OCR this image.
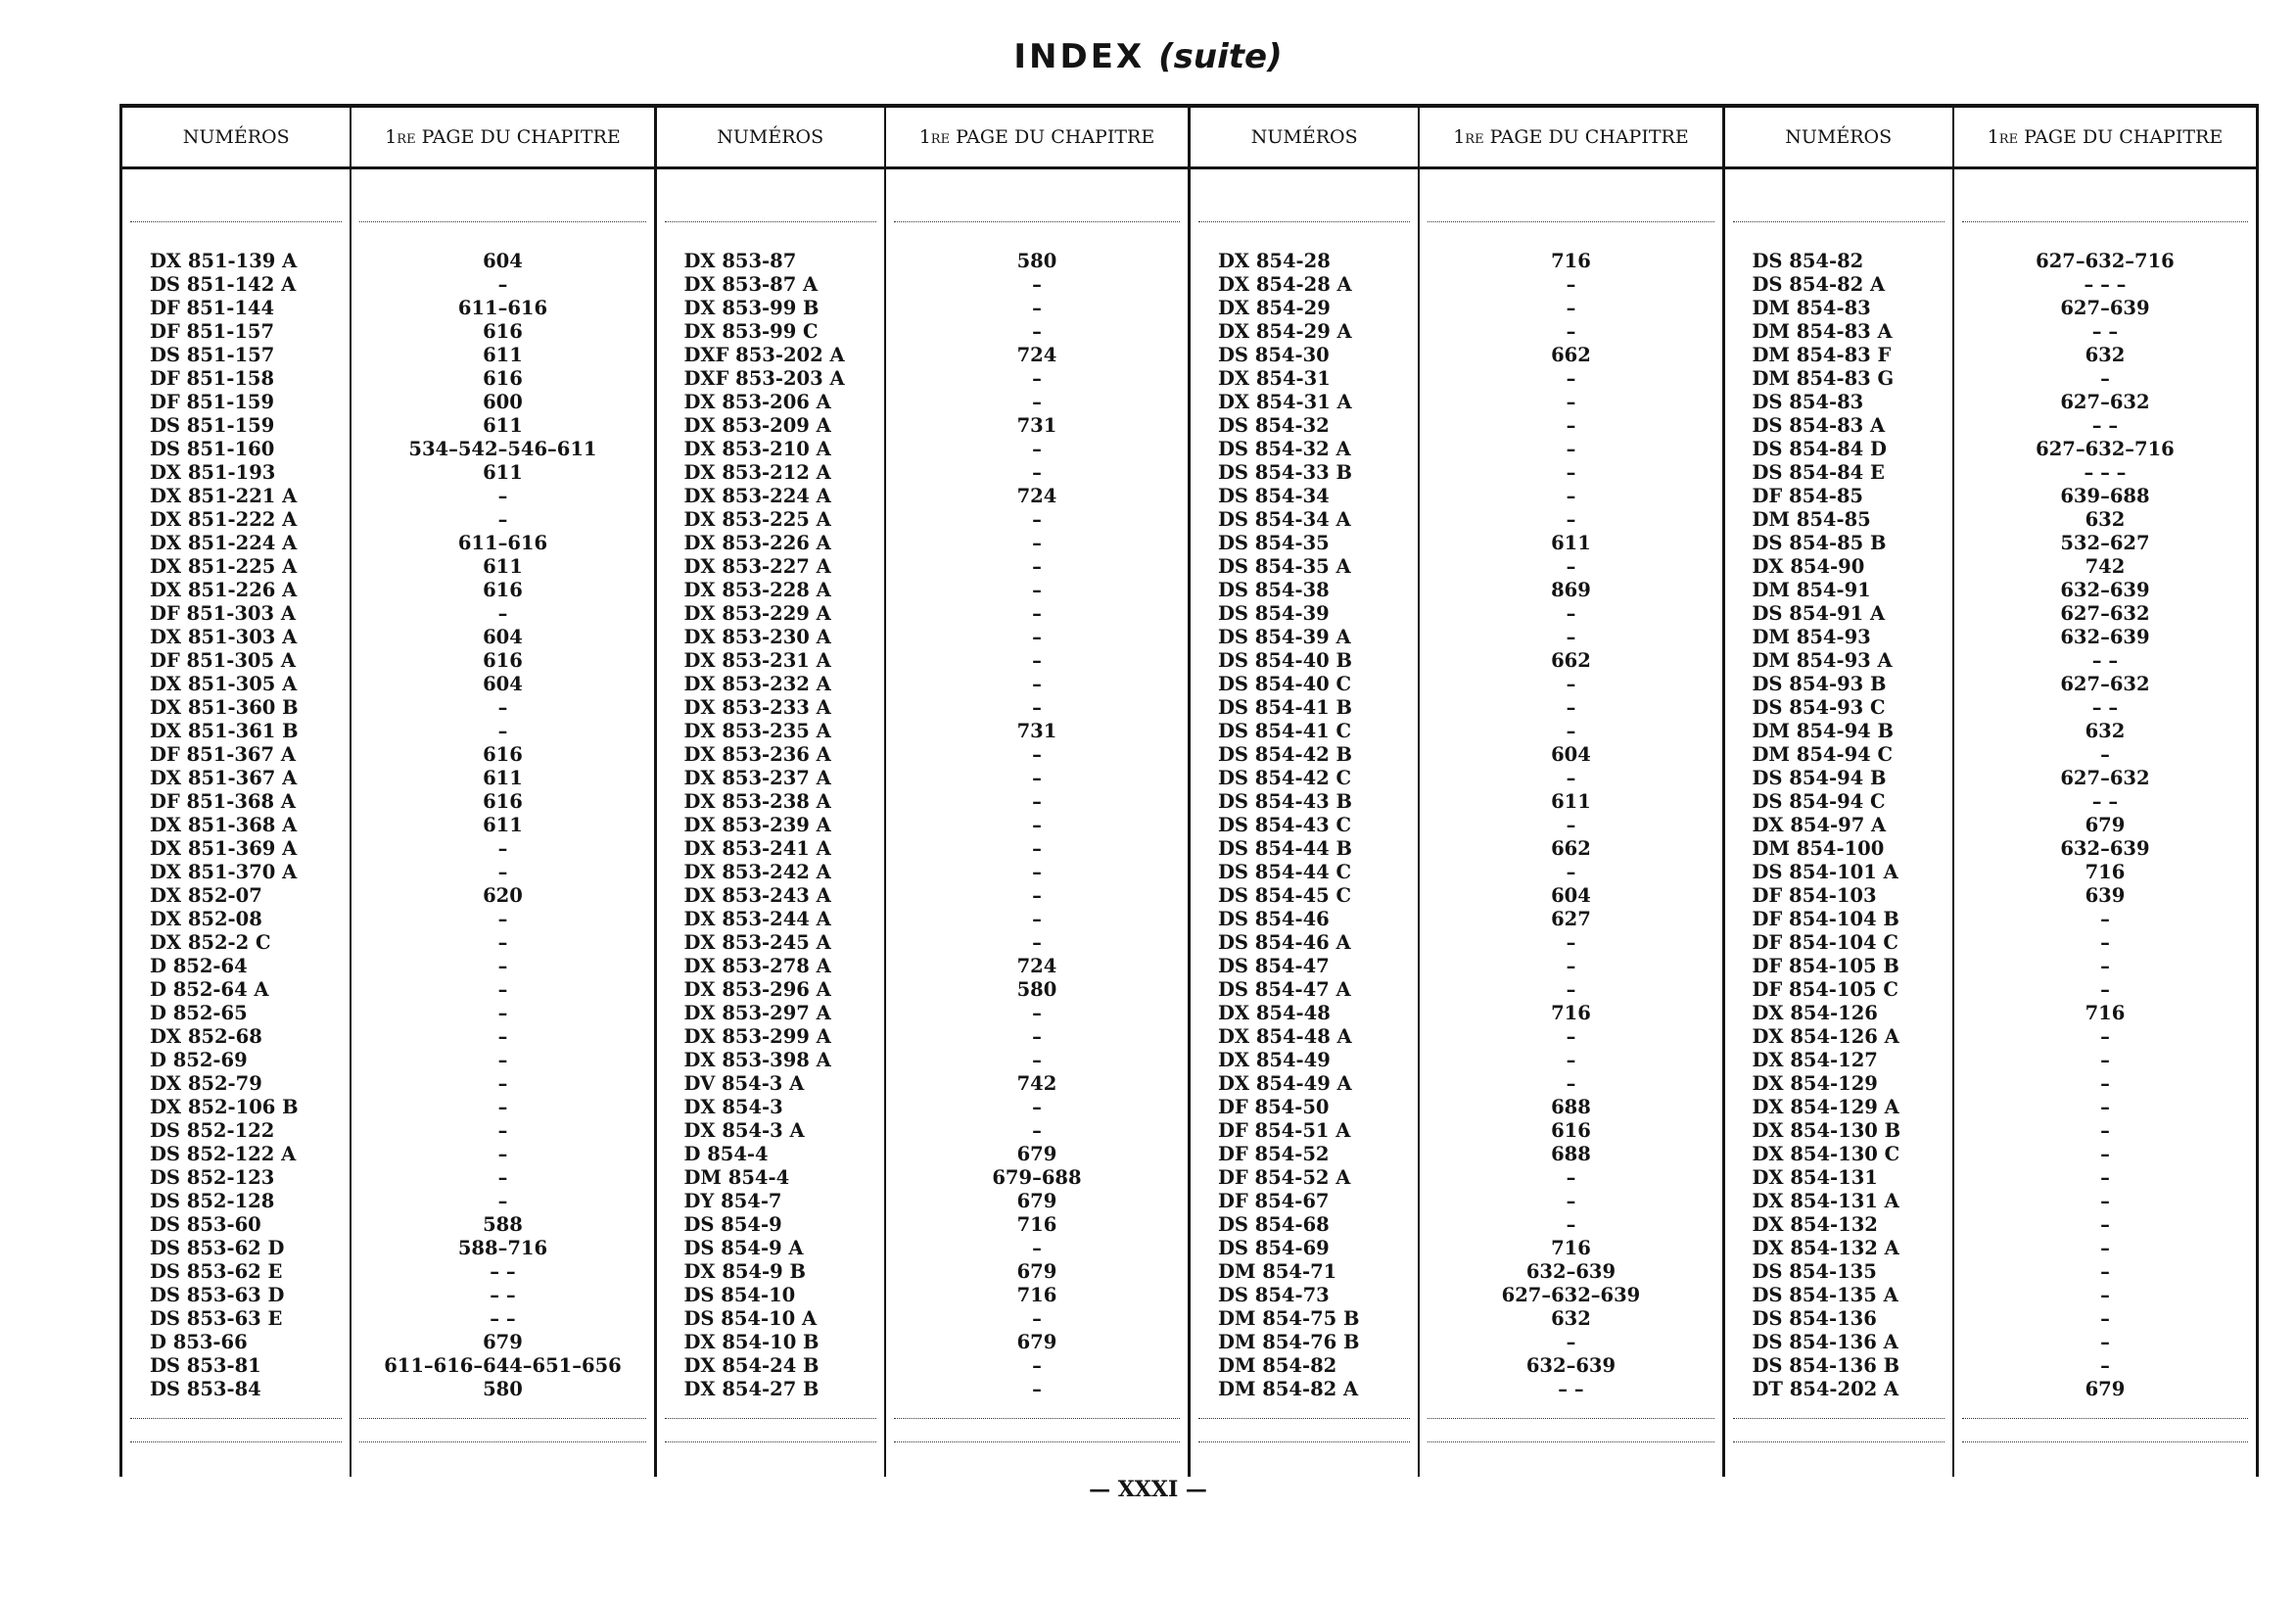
INDEX (suite)
NUMÉROS
DX 851-139 A
DS 851-142 A
DF 851-144
DF 851-157
DS 851-157
DF 851-158
DF 851-159
DS 851-159
DS 851-160
DX 851-193
DX 851-221 A
DX 851-222 A
DX 851-224 A
DX 851-225 A
DX 851-226 A
DF 851-303 A
DX 851-303 A
DF 851-305 A
DX 851-305 A
DX 851-360 B
DX 851-361 B
DF 851-367 A
DX 851-367 A
DF 851-368 A
DX 851-368 A
DX 851-369 A
DX 851-370 A
DX 852-07
DX 852-08
DX 852-2 C
D 852-64
D 852-64 A
D 852-65
DX 852-68
D 852-69
DX 852-79
DX 852-106 B
DS 852-122
DS 852-122 A
DS 852-123
DS 852-128
DS 853-60
DS 853-62 D
DS 853-62 E
DS 853-63 D
DS 853-63 E
D 853-66
DS 853-81
DS 853-84
1re PAGE DU CHAPITRE
604
–
611–616
616
611
616
600
611
534–542–546–611
611
–
–
611–616
611
616
–
604
616
604
–
–
616
611
616
611
–
–
620
–
–
–
–
–
–
–
–
–
–
–
–
–
588
588–716
– –
– –
– –
679
611–616–644–651–656
580
NUMÉROS
DX 853-87
DX 853-87 A
DX 853-99 B
DX 853-99 C
DXF 853-202 A
DXF 853-203 A
DX 853-206 A
DX 853-209 A
DX 853-210 A
DX 853-212 A
DX 853-224 A
DX 853-225 A
DX 853-226 A
DX 853-227 A
DX 853-228 A
DX 853-229 A
DX 853-230 A
DX 853-231 A
DX 853-232 A
DX 853-233 A
DX 853-235 A
DX 853-236 A
DX 853-237 A
DX 853-238 A
DX 853-239 A
DX 853-241 A
DX 853-242 A
DX 853-243 A
DX 853-244 A
DX 853-245 A
DX 853-278 A
DX 853-296 A
DX 853-297 A
DX 853-299 A
DX 853-398 A
DV 854-3 A
DX 854-3
DX 854-3 A
D 854-4
DM 854-4
DY 854-7
DS 854-9
DS 854-9 A
DX 854-9 B
DS 854-10
DS 854-10 A
DX 854-10 B
DX 854-24 B
DX 854-27 B
1re PAGE DU CHAPITRE
580
–
–
–
724
–
–
731
–
–
724
–
–
–
–
–
–
–
–
–
731
–
–
–
–
–
–
–
–
–
724
580
–
–
–
742
–
–
679
679–688
679
716
–
679
716
–
679
–
–
NUMÉROS
DX 854-28
DX 854-28 A
DX 854-29
DX 854-29 A
DS 854-30
DX 854-31
DX 854-31 A
DS 854-32
DS 854-32 A
DS 854-33 B
DS 854-34
DS 854-34 A
DS 854-35
DS 854-35 A
DS 854-38
DS 854-39
DS 854-39 A
DS 854-40 B
DS 854-40 C
DS 854-41 B
DS 854-41 C
DS 854-42 B
DS 854-42 C
DS 854-43 B
DS 854-43 C
DS 854-44 B
DS 854-44 C
DS 854-45 C
DS 854-46
DS 854-46 A
DS 854-47
DS 854-47 A
DX 854-48
DX 854-48 A
DX 854-49
DX 854-49 A
DF 854-50
DF 854-51 A
DF 854-52
DF 854-52 A
DF 854-67
DS 854-68
DS 854-69
DM 854-71
DS 854-73
DM 854-75 B
DM 854-76 B
DM 854-82
DM 854-82 A
1re PAGE DU CHAPITRE
716
–
–
–
662
–
–
–
–
–
–
–
611
–
869
–
–
662
–
–
–
604
–
611
–
662
–
604
627
–
–
–
716
–
–
–
688
616
688
–
–
–
716
632–639
627–632–639
632
–
632–639
– –
NUMÉROS
DS 854-82
DS 854-82 A
DM 854-83
DM 854-83 A
DM 854-83 F
DM 854-83 G
DS 854-83
DS 854-83 A
DS 854-84 D
DS 854-84 E
DF 854-85
DM 854-85
DS 854-85 B
DX 854-90
DM 854-91
DS 854-91 A
DM 854-93
DM 854-93 A
DS 854-93 B
DS 854-93 C
DM 854-94 B
DM 854-94 C
DS 854-94 B
DS 854-94 C
DX 854-97 A
DM 854-100
DS 854-101 A
DF 854-103
DF 854-104 B
DF 854-104 C
DF 854-105 B
DF 854-105 C
DX 854-126
DX 854-126 A
DX 854-127
DX 854-129
DX 854-129 A
DX 854-130 B
DX 854-130 C
DX 854-131
DX 854-131 A
DX 854-132
DX 854-132 A
DS 854-135
DS 854-135 A
DS 854-136
DS 854-136 A
DS 854-136 B
DT 854-202 A
1re PAGE DU CHAPITRE
627–632–716
– – –
627–639
– –
632
–
627–632
– –
627–632–716
– – –
639–688
632
532–627
742
632–639
627–632
632–639
– –
627–632
– –
632
–
627–632
– –
679
632–639
716
639
–
–
–
–
716
–
–
–
–
–
–
–
–
–
–
–
–
–
–
–
679
— XXXI —
